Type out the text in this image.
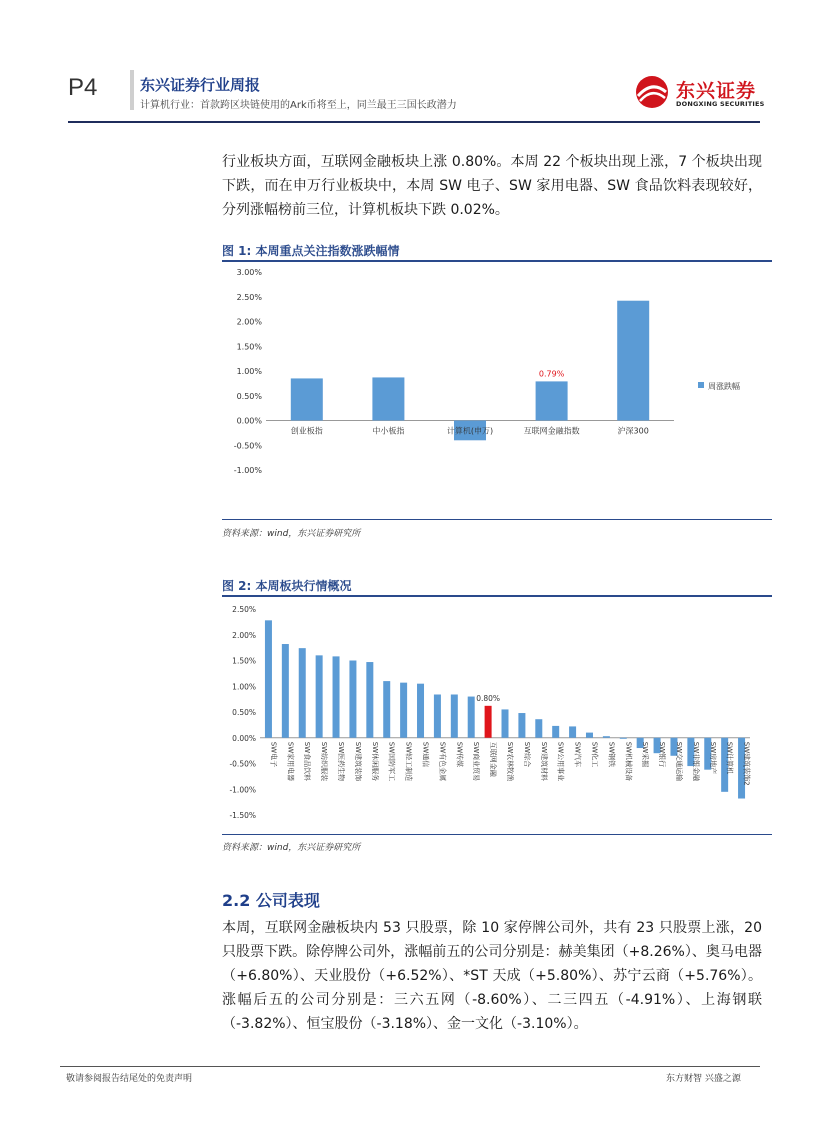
P4	东兴证券行业周报
计算机行业：首款跨区块链使用的Ark币将至上，同兰最王三国长政潜力
东兴证券
DONGXING SECURITIES
行业板块方面，互联网金融板块上涨 0.80%。本周 22 个板块出现上涨，7 个板块出现下跌，而在申万行业板块中，本周 SW 电子、SW 家用电器、SW 食品饮料表现较好，分列涨幅榜前三位，计算机板块下跌 0.02%。
图 1: 本周重点关注指数涨跌幅情
3.00%
2.50%
2.00%
1.50%
1.00%
0.50%
0.00%
-0.50%
-1.00%
创业板指	中小板指	计算机(申万)	互联网金融指数	沪深300
0.79%
周涨跌幅
资料来源：wind，东兴证券研究所
图 2: 本周板块行情概况
2.50%
2.00%
1.50%
1.00%
0.50%
0.00%
-0.50%
-1.00%
-1.50%
SW电子 SW家用电器 SW食品饮料 SW纺织服装 SW医药生物 SW建筑装饰 SW休闲服务 SW国防军工 SW轻工制造 SW通信 SW有色金属 SW传媒 SW商业贸易 互联网金融 SW农林牧渔 SW综合 SW建筑材料 SW公用事业 SW汽车 SW化工 SW钢铁 SW机械设备 SW采掘 SW银行 SW交通运输 SW非银金融 SW房地产 SW计算机 SW建筑装饰2
0.80%
资料来源：wind，东兴证券研究所
2.2 公司表现
本周，互联网金融板块内 53 只股票，除 10 家停牌公司外，共有 23 只股票上涨，20 只股票下跌。除停牌公司外，涨幅前五的公司分别是：赫美集团（+8.26%）、奥马电器（+6.80%）、天业股份（+6.52%）、*ST 天成（+5.80%）、苏宁云商（+5.76%）。涨幅后五的公司分别是：三六五网（-8.60%）、二三四五（-4.91%）、上海钢联（-3.82%）、恒宝股份（-3.18%）、金一文化（-3.10%）。
敬请参阅报告结尾处的免责声明	东方财智 兴盛之源
